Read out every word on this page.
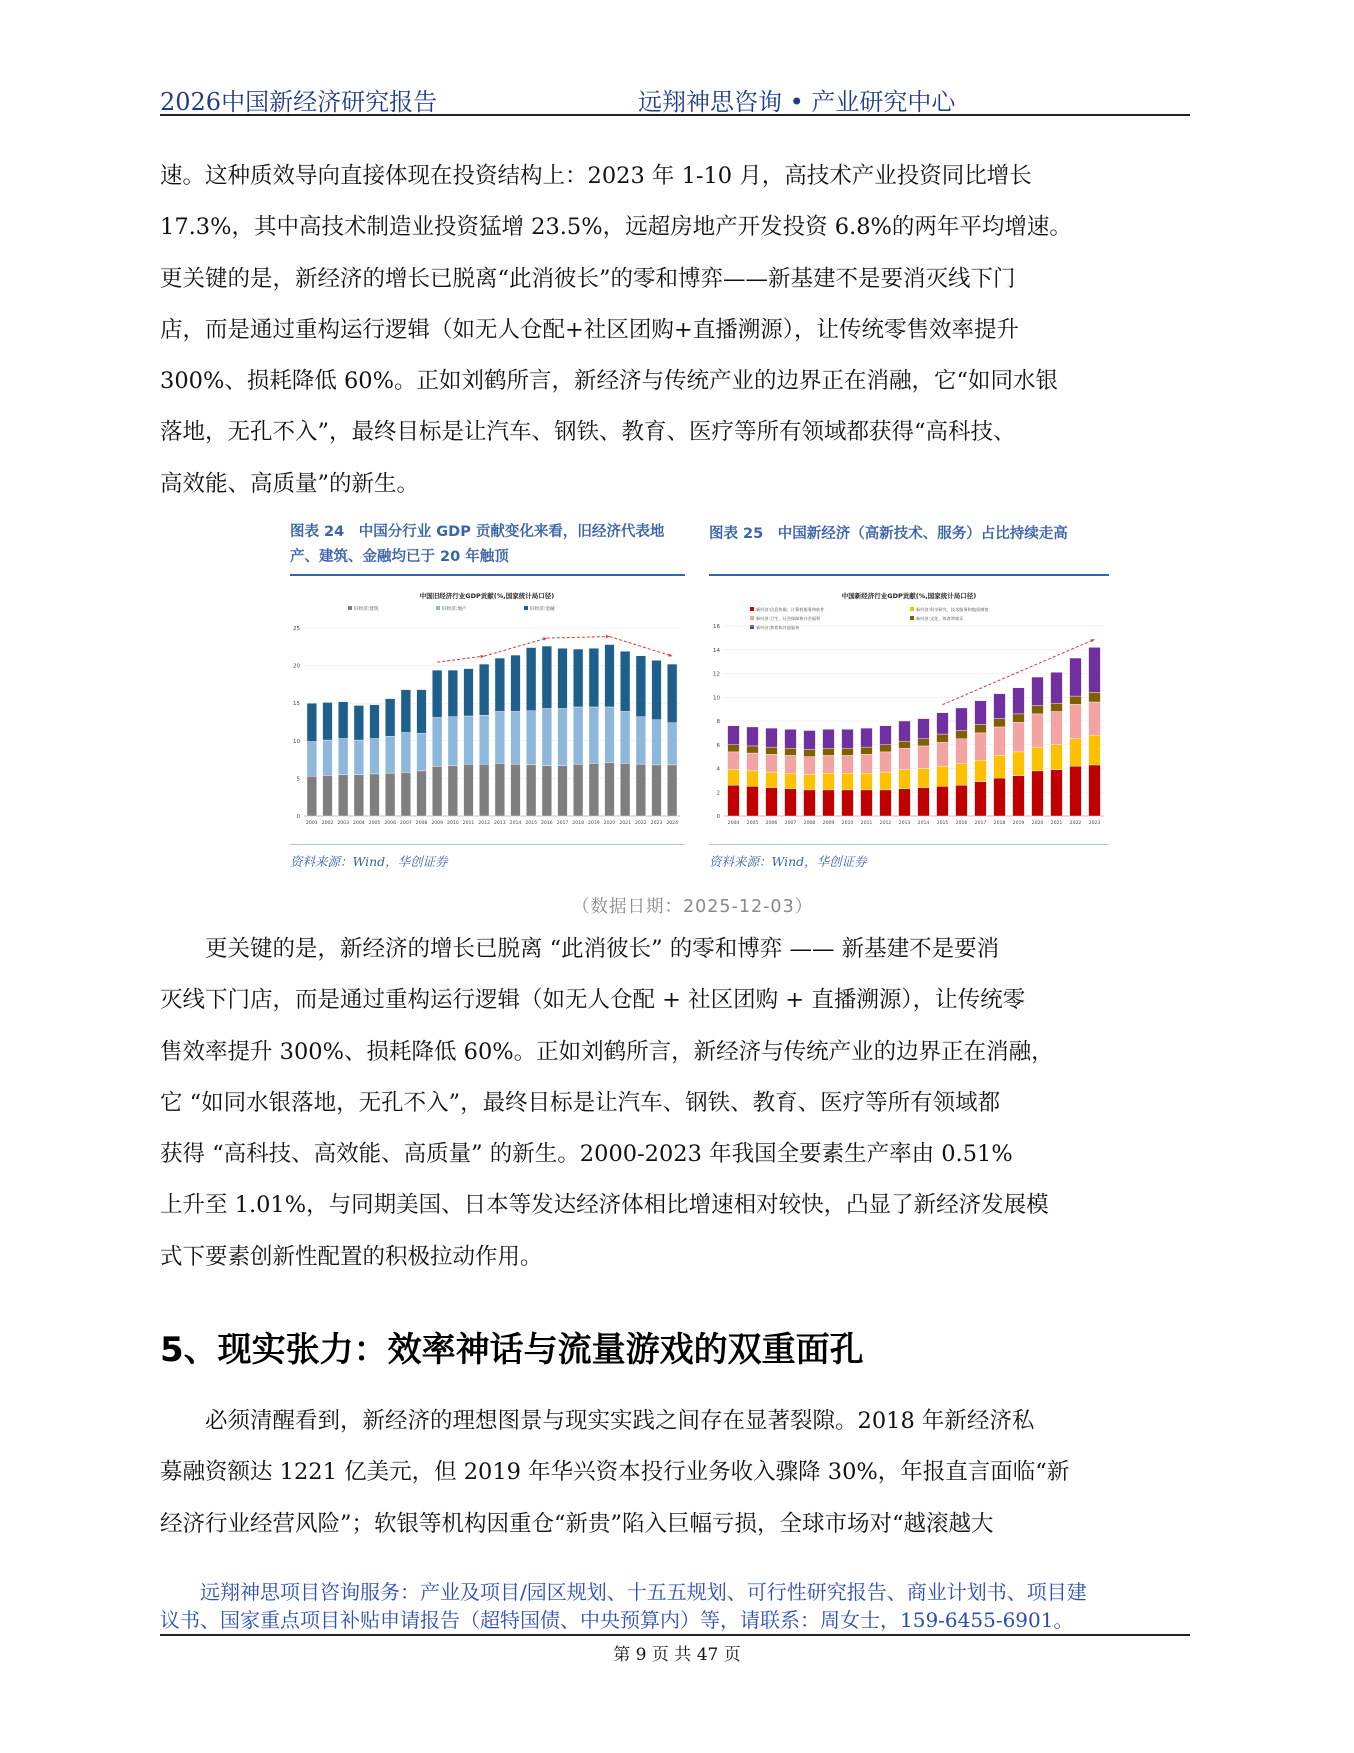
2026中国新经济研究报告	远翔神思咨询 • 产业研究中心
速。这种质效导向直接体现在投资结构上：2023 年 1-10 月，高技术产业投资同比增长
17.3%，其中高技术制造业投资猛增 23.5%，远超房地产开发投资 6.8%的两年平均增速。
更关键的是，新经济的增长已脱离“此消彼长”的零和博弈——新基建不是要消灭线下门
店，而是通过重构运行逻辑（如无人仓配+社区团购+直播溯源），让传统零售效率提升
300%、损耗降低 60%。正如刘鹤所言，新经济与传统产业的边界正在消融，它“如同水银
落地，无孔不入”，最终目标是让汽车、钢铁、教育、医疗等所有领域都获得“高科技、
高效能、高质量”的新生。
图表 24　中国分行业 GDP 贡献变化来看，旧经济代表地产、建筑、金融均已于 20 年触顶
中国旧经济行业GDP贡献(%,国家统计局口径)
旧经济:建筑	旧经济:地产	旧经济:金融
0
5
10
15
20
25
2001 2002 2003 2004 2005 2006 2007 2008 2009 2010 2011 2012 2013 2014 2015 2016 2017 2018 2019 2020 2021 2022 2023 2024
资料来源：Wind，华创证券
图表 25　中国新经济（高新技术、服务）占比持续走高
中国新经济行业GDP贡献(%,国家统计局口径)
新经济:信息传输、计算机服务和软件	新经济:科学研究、技术服务和地质勘查
新经济:卫生、社会保障和社会福利	新经济:文化、体育和娱乐
新经济:教育和其他服务
0
2
4
6
8
10
12
14
16
2004 2005 2006 2007 2008 2009 2010 2011 2012 2013 2014 2015 2016 2017 2018 2019 2020 2021 2022 2023
资料来源：Wind，华创证券
（数据日期：2025-12-03）
　　更关键的是，新经济的增长已脱离 “此消彼长” 的零和博弈 —— 新基建不是要消
灭线下门店，而是通过重构运行逻辑（如无人仓配 + 社区团购 + 直播溯源），让传统零
售效率提升 300%、损耗降低 60%。正如刘鹤所言，新经济与传统产业的边界正在消融，
它 “如同水银落地，无孔不入”，最终目标是让汽车、钢铁、教育、医疗等所有领域都
获得 “高科技、高效能、高质量” 的新生。2000-2023 年我国全要素生产率由 0.51%
上升至 1.01%，与同期美国、日本等发达经济体相比增速相对较快，凸显了新经济发展模
式下要素创新性配置的积极拉动作用。
5、现实张力：效率神话与流量游戏的双重面孔
　　必须清醒看到，新经济的理想图景与现实实践之间存在显著裂隙。2018 年新经济私
募融资额达 1221 亿美元，但 2019 年华兴资本投行业务收入骤降 30%，年报直言面临“新
经济行业经营风险”；软银等机构因重仓“新贵”陷入巨幅亏损，全球市场对“越滚越大
　　远翔神思项目咨询服务：产业及项目/园区规划、十五五规划、可行性研究报告、商业计划书、项目建
议书、国家重点项目补贴申请报告（超特国债、中央预算内）等，请联系：周女士，159-6455-6901。
第 9 页 共 47 页
